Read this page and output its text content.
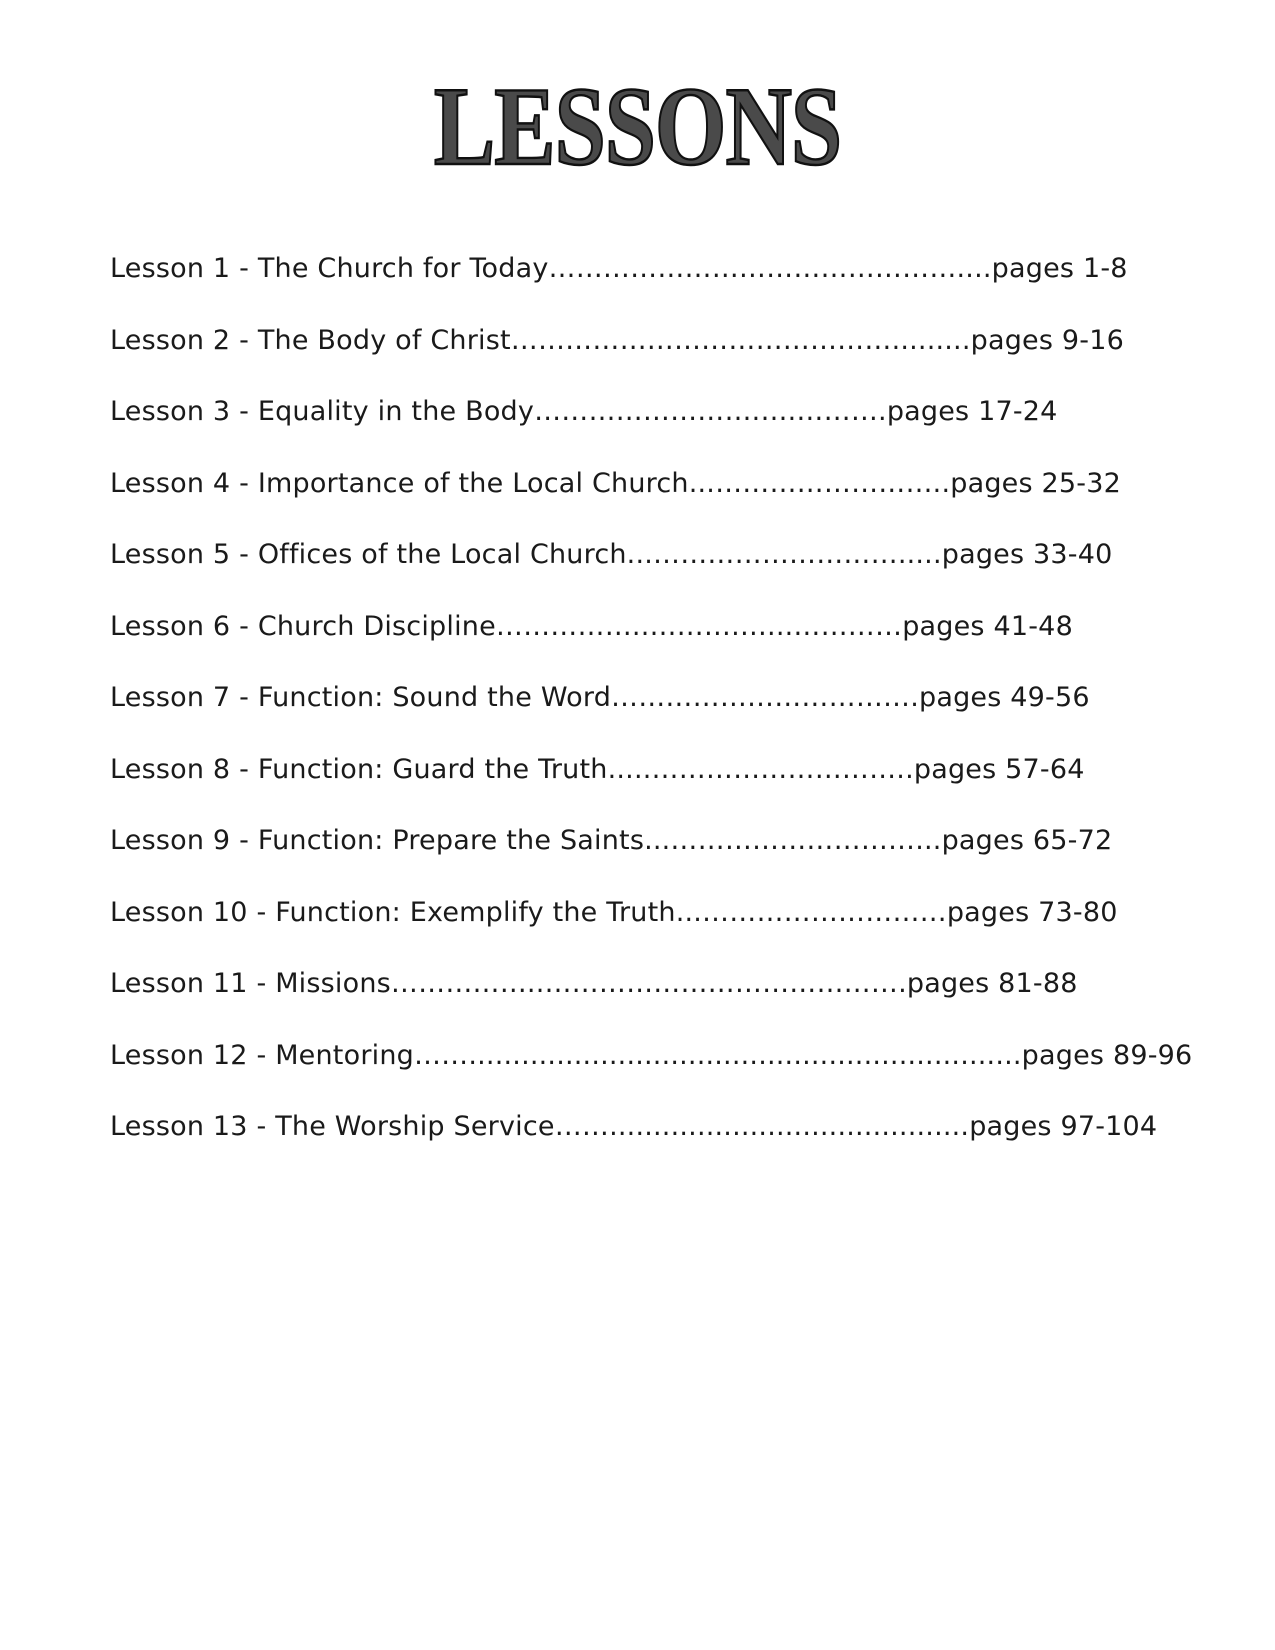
LESSONS
Lesson 1 - The Church for Today………………………………………....pages 1-8
Lesson 2 - The Body of Christ…………………………………….........pages 9-16
Lesson 3 - Equality in the Body…………………….….……….pages 17-24
Lesson 4 - Importance of the Local Church...……………………..pages 25-32
Lesson 5 - Offices of the Local Church...……………………….....pages 33-40
Lesson 6 - Church Discipline……………..……….…...…………pages 41-48
Lesson 7 - Function: Sound the Word…………………………….pages 49-56
Lesson 8 - Function: Guard the Truth.....………………………..pages 57-64
Lesson 9 - Function: Prepare the Saints...………………………...pages 65-72
Lesson 10 - Function: Exemplify the Truth...………………………pages 73-80
Lesson 11 - Missions……………..………………………………….pages 81-88
Lesson 12 - Mentoring……...............................................................pages 89-96
Lesson 13 - The Worship Service…….........................................pages 97-104
